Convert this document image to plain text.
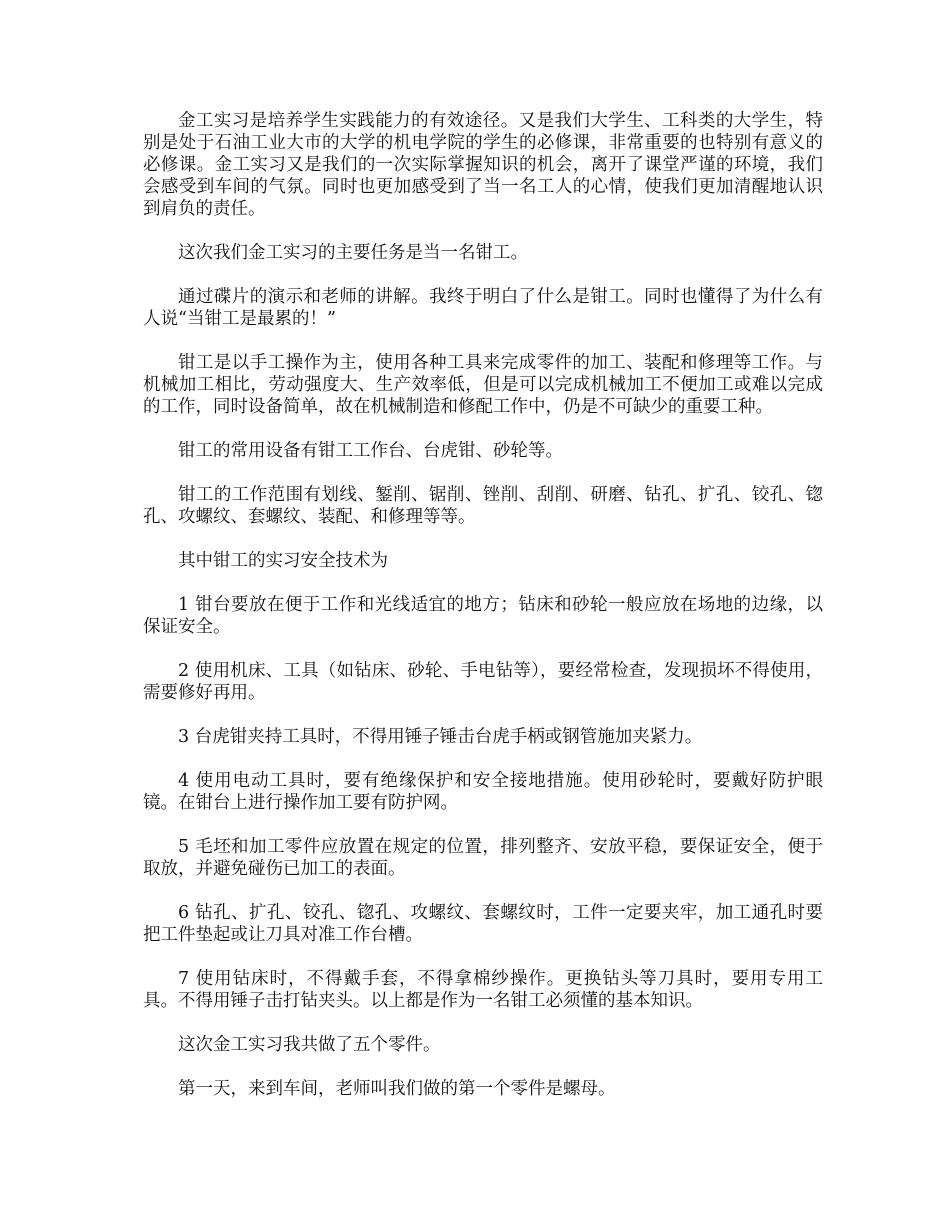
金工实习是培养学生实践能力的有效途径。又是我们大学生、工科类的大学生，特别是处于石油工业大市的大学的机电学院的学生的必修课，非常重要的也特别有意义的必修课。金工实习又是我们的一次实际掌握知识的机会，离开了课堂严谨的环境，我们会感受到车间的气氛。同时也更加感受到了当一名工人的心情，使我们更加清醒地认识到肩负的责任。

这次我们金工实习的主要任务是当一名钳工。

通过碟片的演示和老师的讲解。我终于明白了什么是钳工。同时也懂得了为什么有人说“当钳工是最累的！”

钳工是以手工操作为主，使用各种工具来完成零件的加工、装配和修理等工作。与机械加工相比，劳动强度大、生产效率低，但是可以完成机械加工不便加工或难以完成的工作，同时设备简单，故在机械制造和修配工作中，仍是不可缺少的重要工种。

钳工的常用设备有钳工工作台、台虎钳、砂轮等。

钳工的工作范围有划线、錾削、锯削、锉削、刮削、研磨、钻孔、扩孔、铰孔、锪孔、攻螺纹、套螺纹、装配、和修理等等。

其中钳工的实习安全技术为

1 钳台要放在便于工作和光线适宜的地方；钻床和砂轮一般应放在场地的边缘，以保证安全。

2 使用机床、工具（如钻床、砂轮、手电钻等），要经常检查，发现损坏不得使用，需要修好再用。

3 台虎钳夹持工具时，不得用锤子锤击台虎手柄或钢管施加夹紧力。

4 使用电动工具时，要有绝缘保护和安全接地措施。使用砂轮时，要戴好防护眼镜。在钳台上进行操作加工要有防护网。

5 毛坯和加工零件应放置在规定的位置，排列整齐、安放平稳，要保证安全，便于取放，并避免碰伤已加工的表面。

6 钻孔、扩孔、铰孔、锪孔、攻螺纹、套螺纹时，工件一定要夹牢，加工通孔时要把工件垫起或让刀具对准工作台槽。

7 使用钻床时，不得戴手套，不得拿棉纱操作。更换钻头等刀具时，要用专用工具。不得用锤子击打钻夹头。以上都是作为一名钳工必须懂的基本知识。

这次金工实习我共做了五个零件。

第一天，来到车间，老师叫我们做的第一个零件是螺母。
